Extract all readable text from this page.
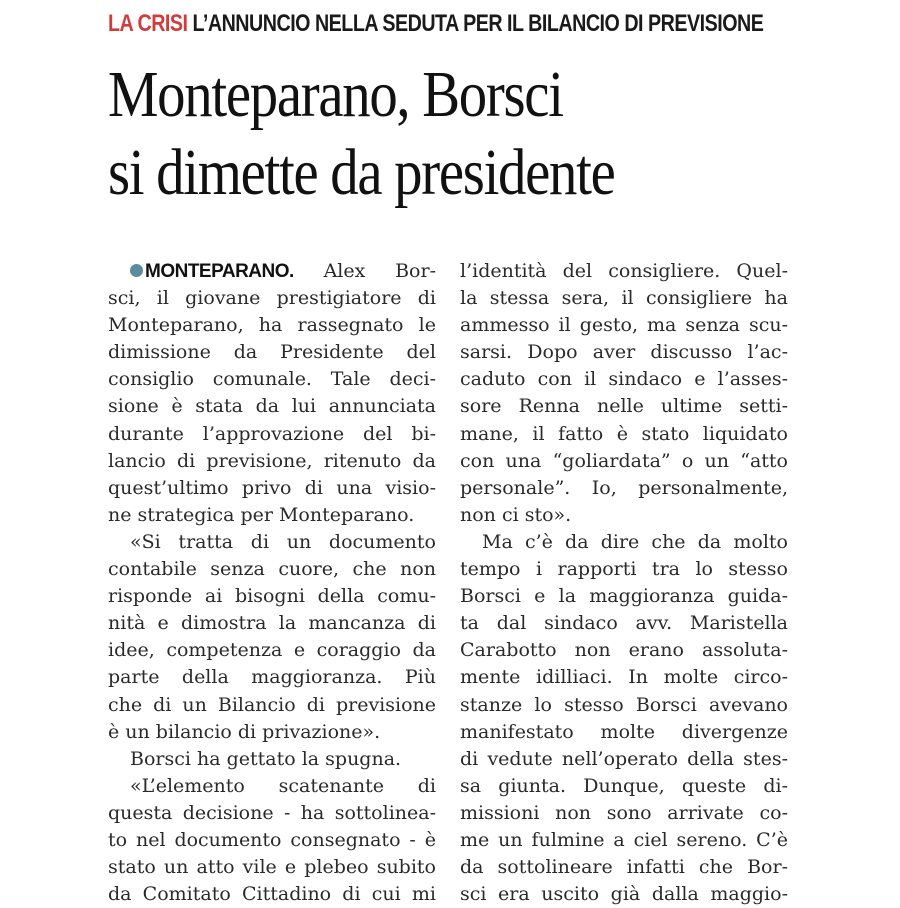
LA CRISI L’ANNUNCIO NELLA SEDUTA PER IL BILANCIO DI PREVISIONE
Monteparano, Borsci
si dimette da presidente
MONTEPARANO. Alex Bor-
sci, il giovane prestigiatore di
Monteparano, ha rassegnato le
dimissione da Presidente del
consiglio comunale. Tale deci-
sione è stata da lui annunciata
durante l’approvazione del bi-
lancio di previsione, ritenuto da
quest’ultimo privo di una visio-
ne strategica per Monteparano.
«Si tratta di un documento
contabile senza cuore, che non
risponde ai bisogni della comu-
nità e dimostra la mancanza di
idee, competenza e coraggio da
parte della maggioranza. Più
che di un Bilancio di previsione
è un bilancio di privazione».
Borsci ha gettato la spugna.
«L’elemento scatenante di
questa decisione - ha sottolinea-
to nel documento consegnato - è
stato un atto vile e plebeo subito
da Comitato Cittadino di cui mi
l’identità del consigliere. Quel-
la stessa sera, il consigliere ha
ammesso il gesto, ma senza scu-
sarsi. Dopo aver discusso l’ac-
caduto con il sindaco e l’asses-
sore Renna nelle ultime setti-
mane, il fatto è stato liquidato
con una “goliardata” o un “atto
personale”. Io, personalmente,
non ci sto».
Ma c’è da dire che da molto
tempo i rapporti tra lo stesso
Borsci e la maggioranza guida-
ta dal sindaco avv. Maristella
Carabotto non erano assoluta-
mente idilliaci. In molte circo-
stanze lo stesso Borsci avevano
manifestato molte divergenze
di vedute nell’operato della stes-
sa giunta. Dunque, queste di-
missioni non sono arrivate co-
me un fulmine a ciel sereno. C’è
da sottolineare infatti che Bor-
sci era uscito già dalla maggio-
